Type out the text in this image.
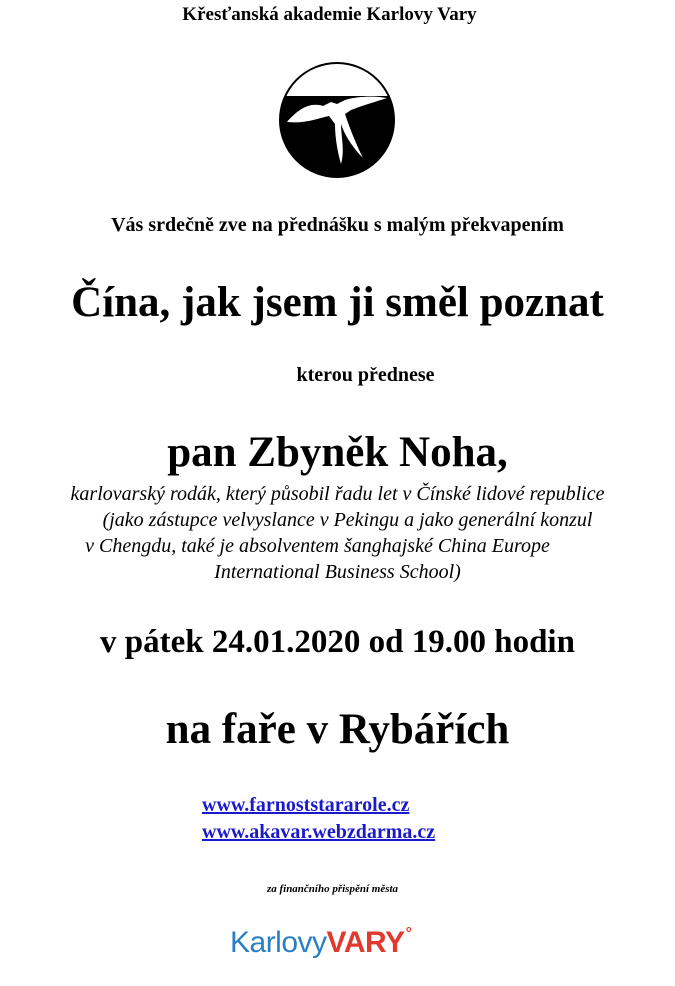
Křesťanská akademie Karlovy Vary
Vás srdečně zve na přednášku s malým překvapením
Čína, jak jsem ji směl poznat
kterou přednese
pan Zbyněk Noha,
karlovarský rodák, který působil řadu let v Čínské lidové republice
(jako zástupce velvyslance v Pekingu a jako generální konzul
v Chengdu, také je absolventem šanghajské China Europe
International Business School)
v pátek 24.01.2020 od 19.00 hodin
na faře v Rybářích
www.farnoststararole.cz
www.akavar.webzdarma.cz
za finančního přispění města
KarlovyVARY°
